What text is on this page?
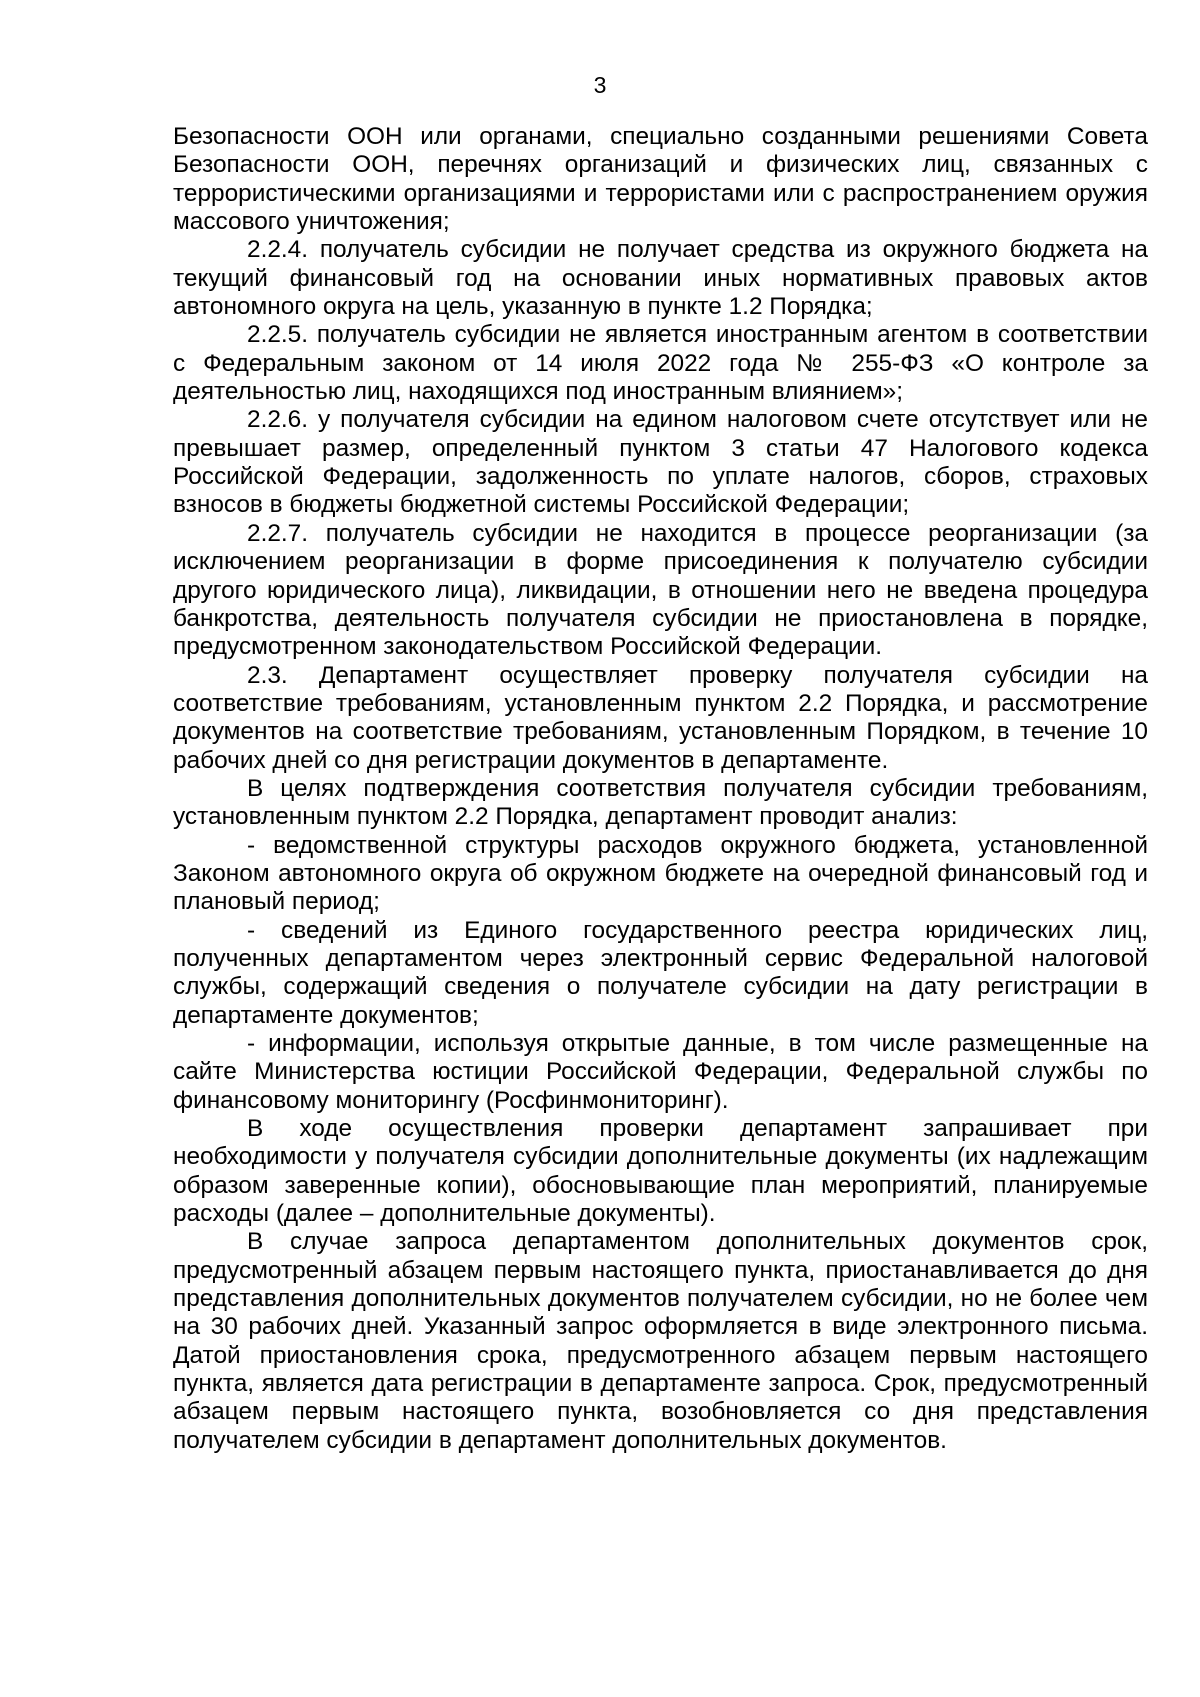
3

Безопасности ООН или органами, специально созданными решениями Совета Безопасности ООН, перечнях организаций и физических лиц, связанных с террористическими организациями и террористами или с распространением оружия массового уничтожения;

2.2.4. получатель субсидии не получает средства из окружного бюджета на текущий финансовый год на основании иных нормативных правовых актов автономного округа на цель, указанную в пункте 1.2 Порядка;

2.2.5. получатель субсидии не является иностранным агентом в соответствии с Федеральным законом от 14 июля 2022 года № 255-ФЗ «О контроле за деятельностью лиц, находящихся под иностранным влиянием»;

2.2.6. у получателя субсидии на едином налоговом счете отсутствует или не превышает размер, определенный пунктом 3 статьи 47 Налогового кодекса Российской Федерации, задолженность по уплате налогов, сборов, страховых взносов в бюджеты бюджетной системы Российской Федерации;

2.2.7. получатель субсидии не находится в процессе реорганизации (за исключением реорганизации в форме присоединения к получателю субсидии другого юридического лица), ликвидации, в отношении него не введена процедура банкротства, деятельность получателя субсидии не приостановлена в порядке, предусмотренном законодательством Российской Федерации.

2.3. Департамент осуществляет проверку получателя субсидии на соответствие требованиям, установленным пунктом 2.2 Порядка, и рассмотрение документов на соответствие требованиям, установленным Порядком, в течение 10 рабочих дней со дня регистрации документов в департаменте.

В целях подтверждения соответствия получателя субсидии требованиям, установленным пунктом 2.2 Порядка, департамент проводит анализ:

- ведомственной структуры расходов окружного бюджета, установленной Законом автономного округа об окружном бюджете на очередной финансовый год и плановый период;

- сведений из Единого государственного реестра юридических лиц, полученных департаментом через электронный сервис Федеральной налоговой службы, содержащий сведения о получателе субсидии на дату регистрации в департаменте документов;

- информации, используя открытые данные, в том числе размещенные на сайте Министерства юстиции Российской Федерации, Федеральной службы по финансовому мониторингу (Росфинмониторинг).

В ходе осуществления проверки департамент запрашивает при необходимости у получателя субсидии дополнительные документы (их надлежащим образом заверенные копии), обосновывающие план мероприятий, планируемые расходы (далее – дополнительные документы).

В случае запроса департаментом дополнительных документов срок, предусмотренный абзацем первым настоящего пункта, приостанавливается до дня представления дополнительных документов получателем субсидии, но не более чем на 30 рабочих дней. Указанный запрос оформляется в виде электронного письма. Датой приостановления срока, предусмотренного абзацем первым настоящего пункта, является дата регистрации в департаменте запроса. Срок, предусмотренный абзацем первым настоящего пункта, возобновляется со дня представления получателем субсидии в департамент дополнительных документов.
